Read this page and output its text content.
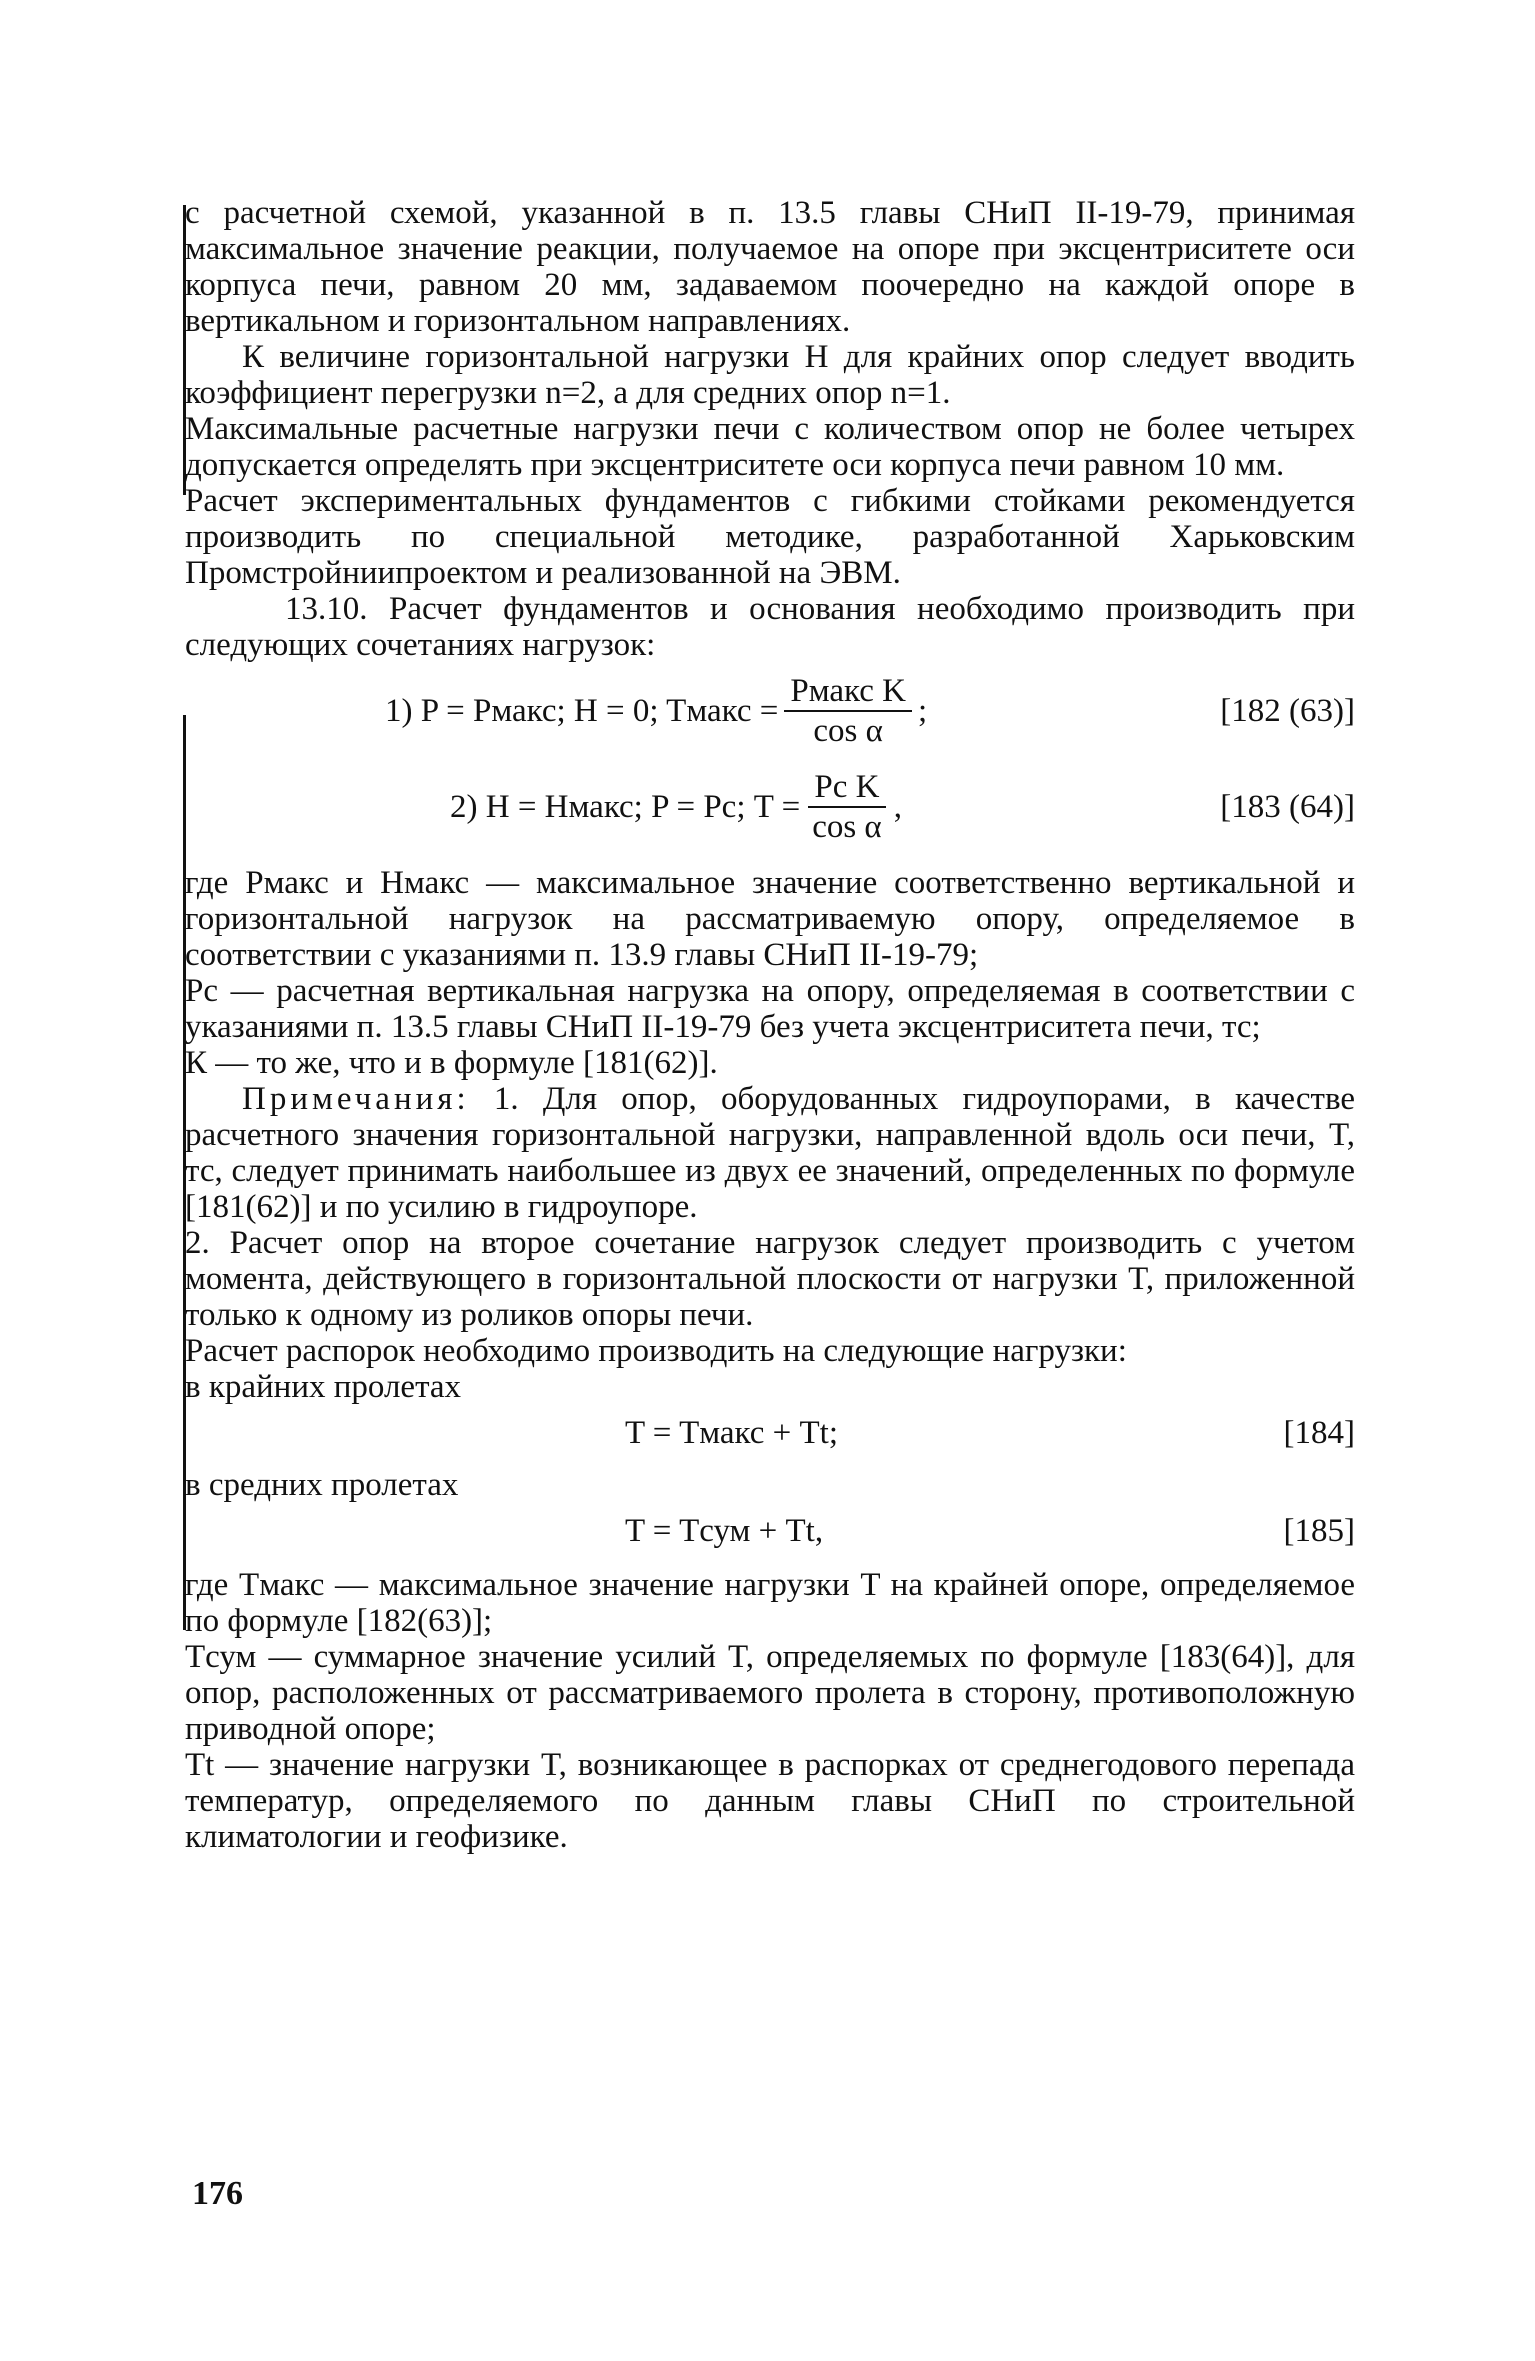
с расчетной схемой, указанной в п. 13.5 главы СНиП II-19-79, принимая максимальное значение реакции, получаемое на опоре при эксцентриситете оси корпуса печи, равном 20 мм, задаваемом поочередно на каждой опоре в вертикальном и горизонтальном направлениях.

К величине горизонтальной нагрузки H для крайних опор следует вводить коэффициент перегрузки n=2, а для средних опор n=1.

Максимальные расчетные нагрузки печи с количеством опор не более четырех допускается определять при эксцентриситете оси корпуса печи равном 10 мм.

Расчет экспериментальных фундаментов с гибкими стойками рекомендуется производить по специальной методике, разработанной Харьковским Промстройниипроектом и реализованной на ЭВМ.

13.10. Расчет фундаментов и основания необходимо производить при следующих сочетаниях нагрузок:

1) P = Pмакс; H = 0; Tмакс = $\frac{\text{Pмакс K}}{\text{cos α}}$ ;	[182 (63)]
2) H = Hмакс; P = Pс; $T = \frac{\text{Pс K}}{\text{cos α}}$ ,	[183 (64)]

где Pмакс и Hмакс — максимальное значение соответственно вертикальной и горизонтальной нагрузок на рассматриваемую опору, определяемое в соответствии с указаниями п. 13.9 главы СНиП II-19-79;

Pс — расчетная вертикальная нагрузка на опору, определяемая в соответствии с указаниями п. 13.5 главы СНиП II-19-79 без учета эксцентриситета печи, тс;

К — то же, что и в формуле [181(62)].

Примечания: 1. Для опор, оборудованных гидроупорами, в качестве расчетного значения горизонтальной нагрузки, направленной вдоль оси печи, T, тс, следует принимать наибольшее из двух ее значений, определенных по формуле [181(62)] и по усилию в гидроупоре.

2. Расчет опор на второе сочетание нагрузок следует производить с учетом момента, действующего в горизонтальной плоскости от нагрузки T, приложенной только к одному из роликов опоры печи.

Расчет распорок необходимо производить на следующие нагрузки:

в крайних пролетах

T = Tмакс + Tt;	[184]

в средних пролетах

T = Tсум + Tt,	[185]

где Tмакс — максимальное значение нагрузки T на крайней опоре, определяемое по формуле [182(63)];

Tсум — суммарное значение усилий T, определяемых по формуле [183(64)], для опор, расположенных от рассматриваемого пролета в сторону, противоположную приводной опоре;

Tt — значение нагрузки T, возникающее в распорках от среднегодового перепада температур, определяемого по данным главы СНиП по строительной климатологии и геофизике.

176
